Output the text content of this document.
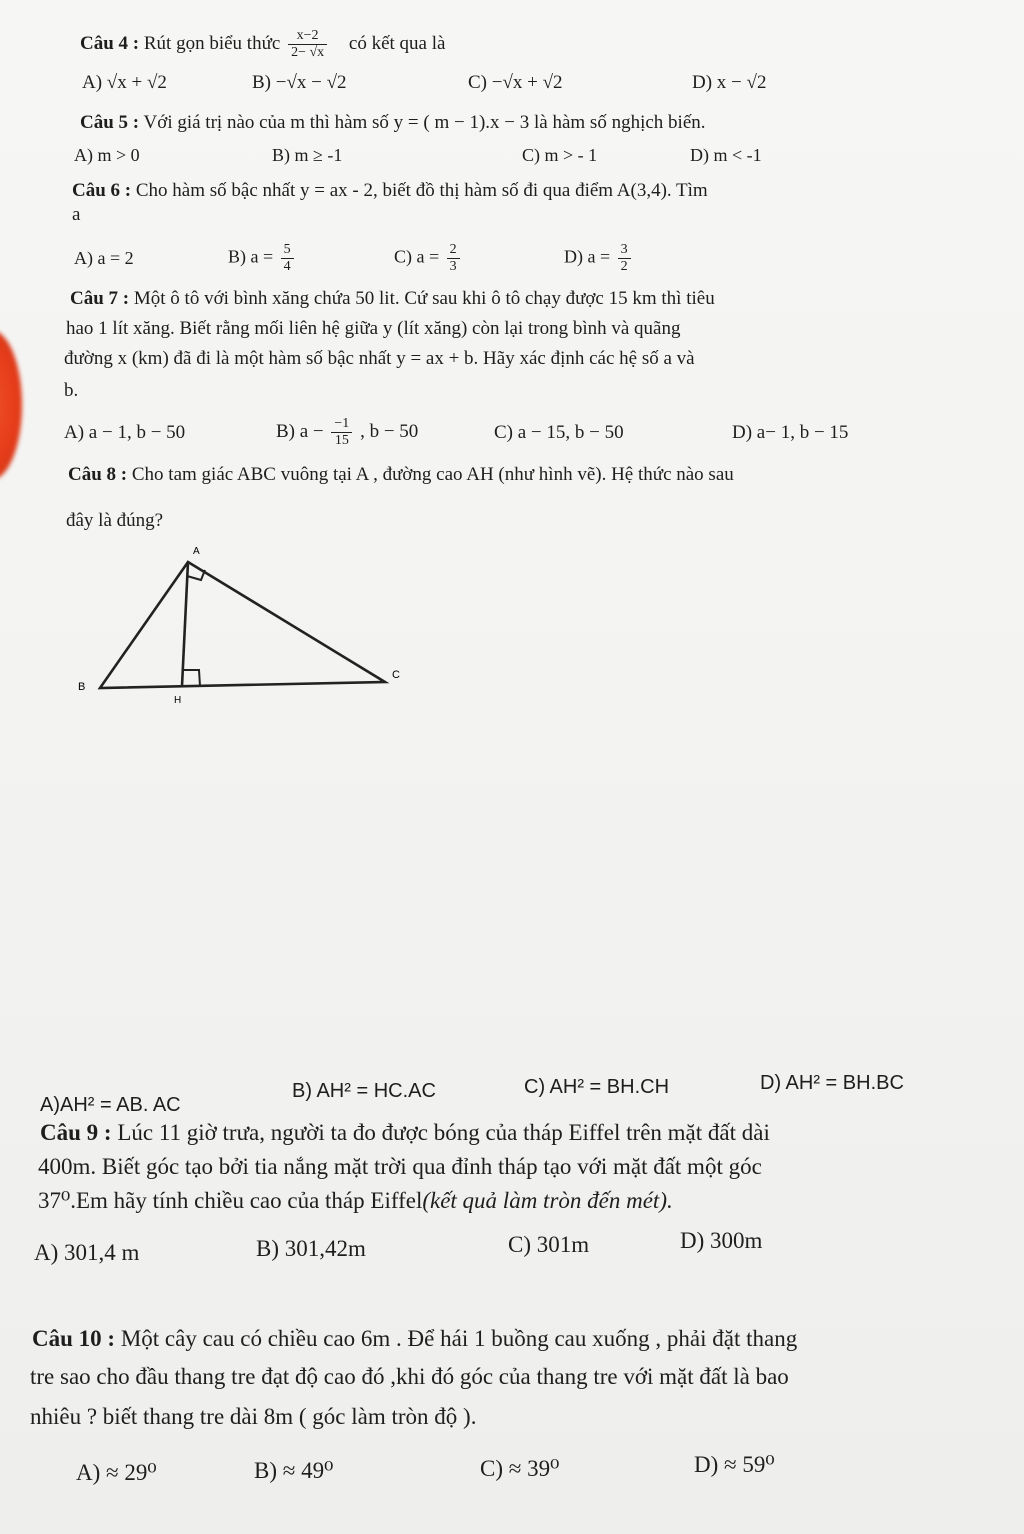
Câu 4 : Rút gọn biểu thức $\frac{x-2}{2- √x}$ có kết qua là
A) √x + √2	B) −√x − √2	C) −√x + √2	D) x − √2
Câu 5 : Với giá trị nào của m thì hàm số y = ( m − 1).x − 3 là hàm số nghịch biến.
A) m > 0	B) m ≥ -1	C) m > - 1	D) m < -1
Câu 6 : Cho hàm số bậc nhất y = ax - 2, biết đồ thị hàm số đi qua điểm A(3,4). Tìm
a
A) a = 2	B) $a = \frac{5}{4}$	C) $a = \frac{2}{3}$	D) $a = \frac{3}{2}$
Câu 7 : Một ô tô với bình xăng chứa 50 lit. Cứ sau khi ô tô chạy được 15 km thì tiêu
hao 1 lít xăng. Biết rằng mối liên hệ giữa y (lít xăng) còn lại trong bình và quãng
đường x (km) đã đi là một hàm số bậc nhất y = ax + b. Hãy xác định các hệ số a và
b.
A) a − 1, b − 50	B) $a - \frac{-1}{15}$ , b − 50	C) a − 15, b − 50	D) a− 1, b − 15
Câu 8 : Cho tam giác ABC vuông tại A , đường cao AH (như hình vẽ). Hệ thức nào sau
đây là đúng?
A
B
C
H
A)AH² = AB. AC
B) AH² = HC.AC	C) AH² = BH.CH	D) AH² = BH.BC
Câu 9 : Lúc 11 giờ trưa, người ta đo được bóng của tháp Eiffel trên mặt đất dài
400m. Biết góc tạo bởi tia nắng mặt trời qua đỉnh tháp tạo với mặt đất một góc
37⁰.Em hãy tính chiều cao của tháp Eiffel(kết quả làm tròn đến mét).
A) 301,4 m	B) 301,42m	C) 301m	D) 300m
Câu 10 : Một cây cau có chiều cao 6m . Để hái 1 buồng cau xuống , phải đặt thang
tre sao cho đầu thang tre đạt độ cao đó ,khi đó góc của thang tre với mặt đất là bao
nhiêu ? biết thang tre dài 8m ( góc làm tròn độ ).
A) ≈ 29⁰	B) ≈ 49⁰	C) ≈ 39⁰	D) ≈ 59⁰
